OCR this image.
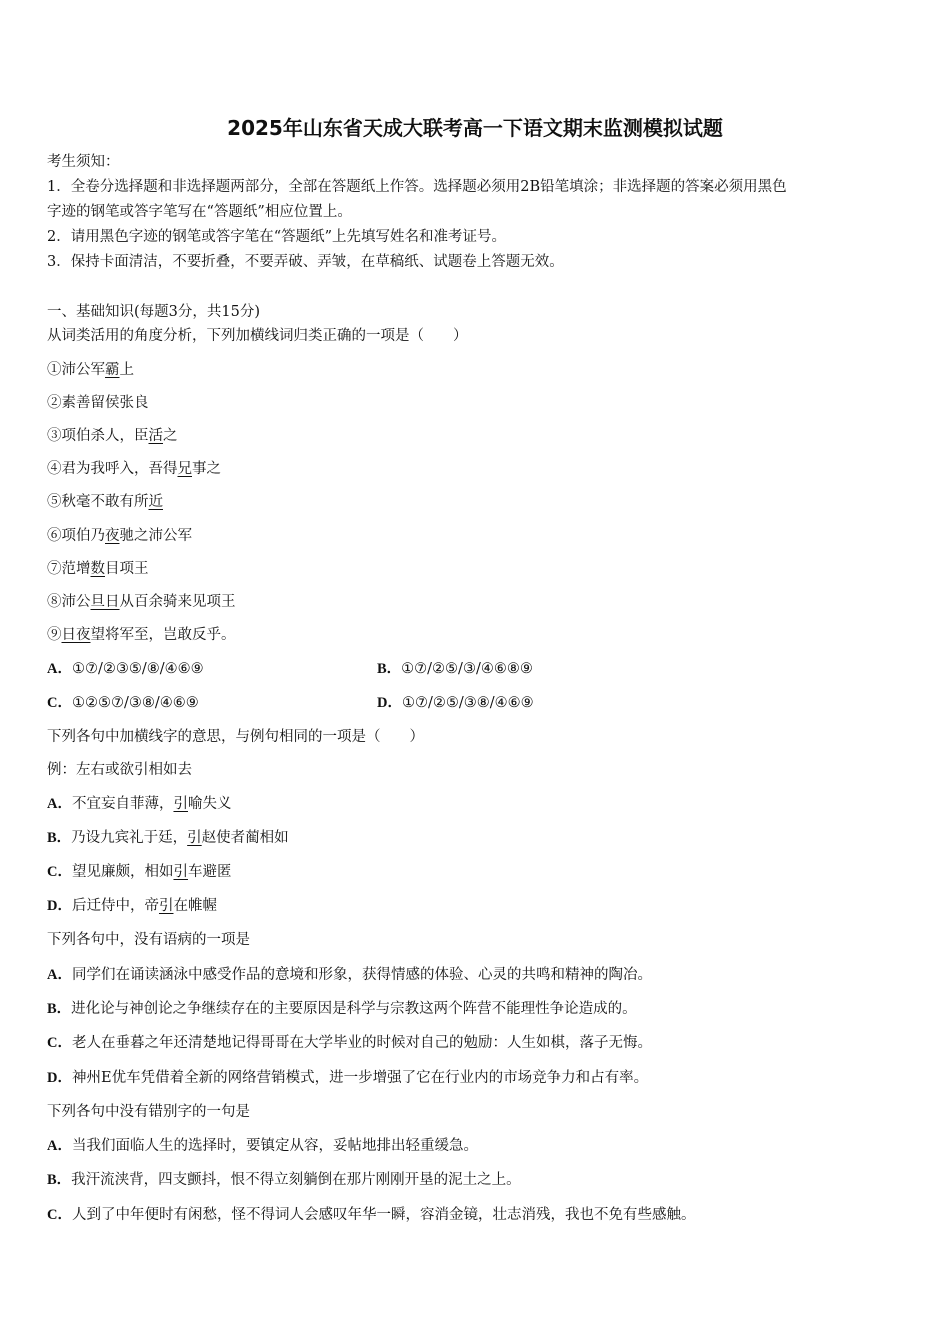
2025年山东省天成大联考高一下语文期末监测模拟试题

考生须知：

1．全卷分选择题和非选择题两部分，全部在答题纸上作答。选择题必须用2B铅笔填涂；非选择题的答案必须用黑色

字迹的钢笔或答字笔写在“答题纸”相应位置上。

2．请用黑色字迹的钢笔或答字笔在“答题纸”上先填写姓名和准考证号。

3．保持卡面清洁，不要折叠，不要弄破、弄皱，在草稿纸、试题卷上答题无效。

一、基础知识(每题3分，共15分)
从词类活用的角度分析，下列加横线词归类正确的一项是（　　）
①沛公军霸上
②素善留侯张良
③项伯杀人，臣活之
④君为我呼入，吾得兄事之
⑤秋毫不敢有所近
⑥项伯乃夜驰之沛公军
⑦范增数目项王
⑧沛公旦日从百余骑来见项王
⑨日夜望将军至，岂敢反乎。
A．①⑦/②③⑤/⑧/④⑥⑨	B．①⑦/②⑤/③/④⑥⑧⑨
C．①②⑤⑦/③⑧/④⑥⑨	D．①⑦/②⑤/③⑧/④⑥⑨
下列各句中加横线字的意思，与例句相同的一项是（　　）
例：左右或欲引相如去
A．不宜妄自菲薄，引喻失义
B．乃设九宾礼于廷，引赵使者蔺相如
C．望见廉颇，相如引车避匿
D．后迁侍中，帝引在帷幄
下列各句中，没有语病的一项是
A．同学们在诵读涵泳中感受作品的意境和形象，获得情感的体验、心灵的共鸣和精神的陶冶。
B．进化论与神创论之争继续存在的主要原因是科学与宗教这两个阵营不能理性争论造成的。
C．老人在垂暮之年还清楚地记得哥哥在大学毕业的时候对自己的勉励：人生如棋，落子无悔。
D．神州E优车凭借着全新的网络营销模式，进一步增强了它在行业内的市场竞争力和占有率。
下列各句中没有错别字的一句是
A．当我们面临人生的选择时，要镇定从容，妥帖地排出轻重缓急。
B．我汗流浃背，四支颤抖，恨不得立刻躺倒在那片刚刚开垦的泥土之上。
C．人到了中年便时有闲愁，怪不得词人会感叹年华一瞬，容消金镜，壮志消残，我也不免有些感触。
